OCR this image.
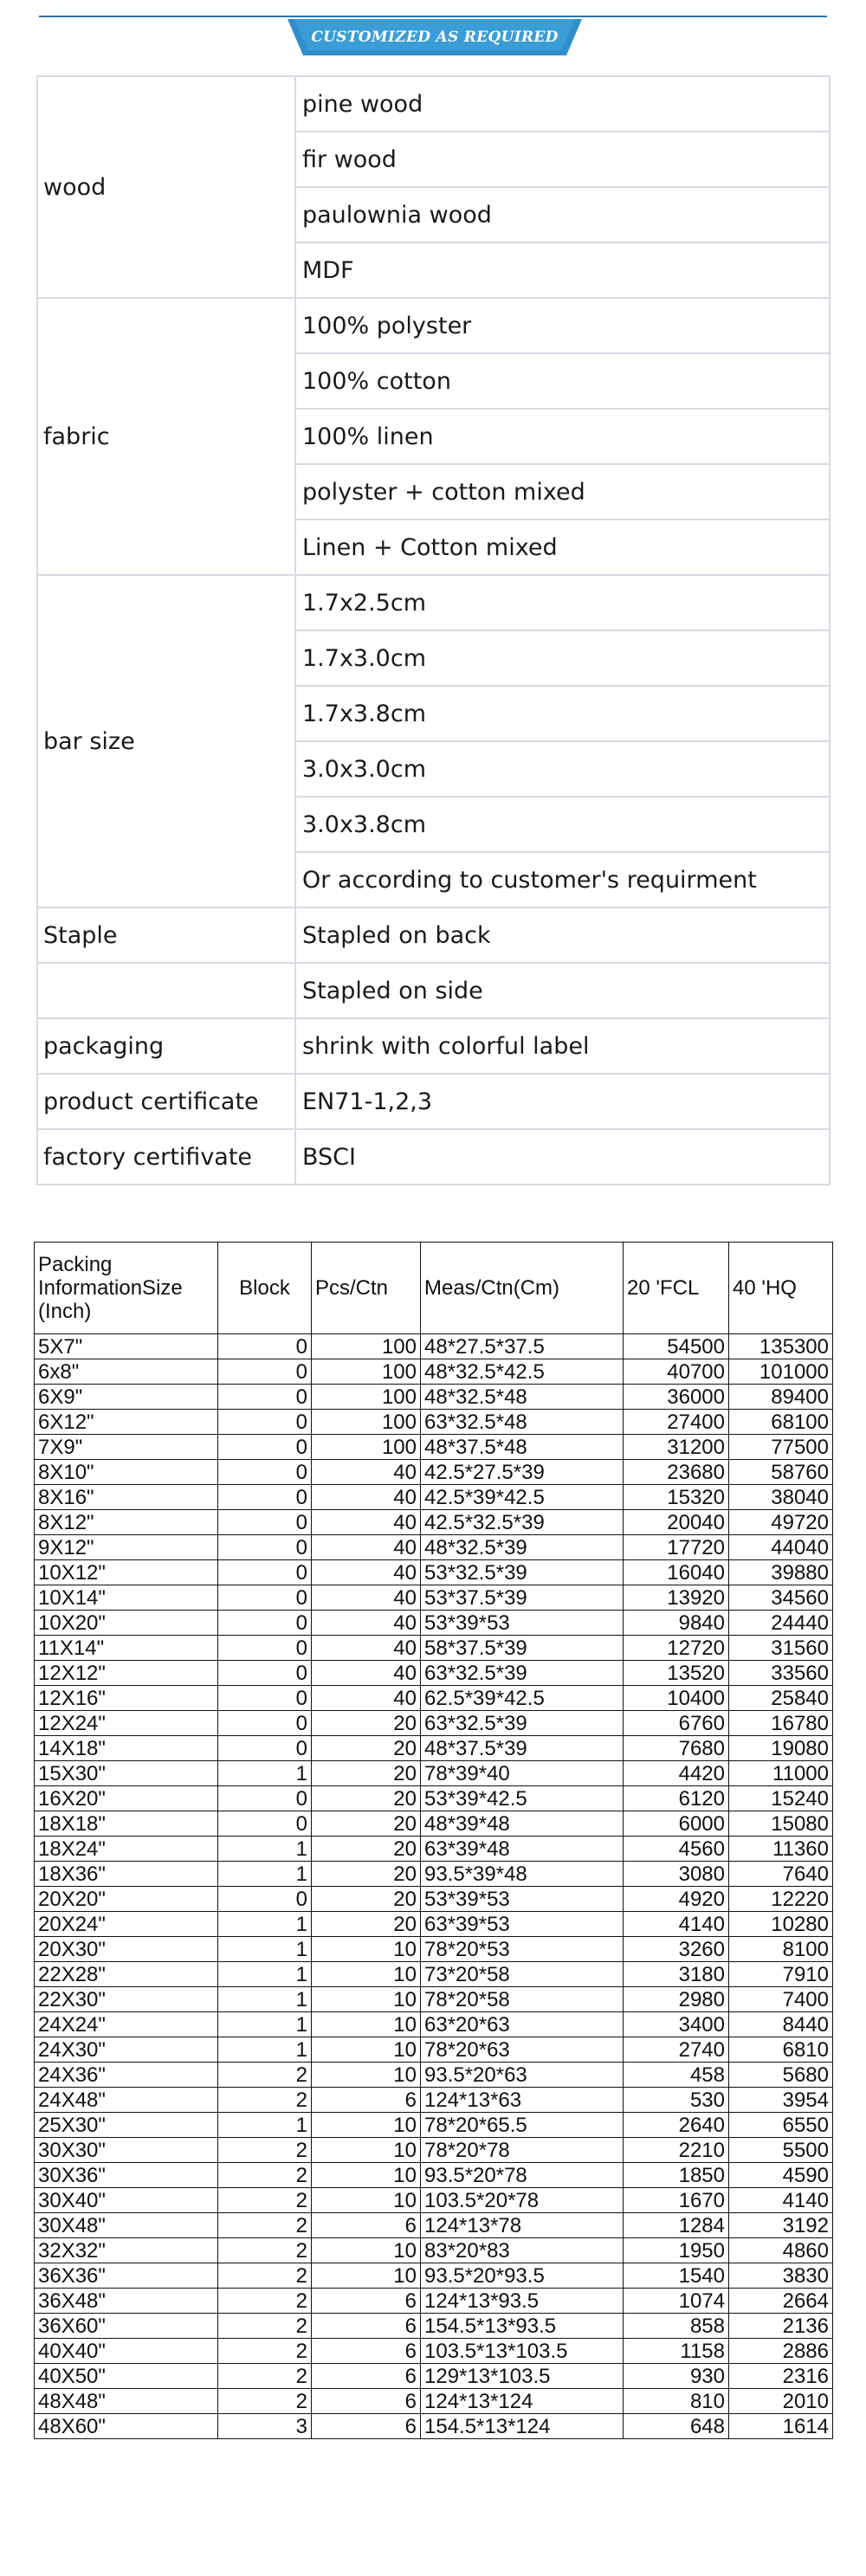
CUSTOMIZED AS REQUIRED
wood	pine wood
	fir wood
	paulownia wood
	MDF
fabric	100% polyster
	100% cotton
	100% linen
	polyster + cotton mixed
	Linen + Cotton mixed
bar size	1.7x2.5cm
	1.7x3.0cm
	1.7x3.8cm
	3.0x3.0cm
	3.0x3.8cm
	Or according to customer's requirment
Staple	Stapled on back
	Stapled on side
packaging	shrink with colorful label
product certificate	EN71-1,2,3
factory certifivate	BSCI
Packing InformationSize (Inch)	Block	Pcs/Ctn	Meas/Ctn(Cm)	20 'FCL	40 'HQ
5X7"	0	100	48*27.5*37.5	54500	135300
6x8"	0	100	48*32.5*42.5	40700	101000
6X9"	0	100	48*32.5*48	36000	89400
6X12"	0	100	63*32.5*48	27400	68100
7X9"	0	100	48*37.5*48	31200	77500
8X10"	0	40	42.5*27.5*39	23680	58760
8X16"	0	40	42.5*39*42.5	15320	38040
8X12"	0	40	42.5*32.5*39	20040	49720
9X12"	0	40	48*32.5*39	17720	44040
10X12"	0	40	53*32.5*39	16040	39880
10X14"	0	40	53*37.5*39	13920	34560
10X20"	0	40	53*39*53	9840	24440
11X14"	0	40	58*37.5*39	12720	31560
12X12"	0	40	63*32.5*39	13520	33560
12X16"	0	40	62.5*39*42.5	10400	25840
12X24"	0	20	63*32.5*39	6760	16780
14X18"	0	20	48*37.5*39	7680	19080
15X30"	1	20	78*39*40	4420	11000
16X20"	0	20	53*39*42.5	6120	15240
18X18"	0	20	48*39*48	6000	15080
18X24"	1	20	63*39*48	4560	11360
18X36"	1	20	93.5*39*48	3080	7640
20X20"	0	20	53*39*53	4920	12220
20X24"	1	20	63*39*53	4140	10280
20X30"	1	10	78*20*53	3260	8100
22X28"	1	10	73*20*58	3180	7910
22X30"	1	10	78*20*58	2980	7400
24X24"	1	10	63*20*63	3400	8440
24X30"	1	10	78*20*63	2740	6810
24X36"	2	10	93.5*20*63	458	5680
24X48"	2	6	124*13*63	530	3954
25X30"	1	10	78*20*65.5	2640	6550
30X30"	2	10	78*20*78	2210	5500
30X36"	2	10	93.5*20*78	1850	4590
30X40"	2	10	103.5*20*78	1670	4140
30X48"	2	6	124*13*78	1284	3192
32X32"	2	10	83*20*83	1950	4860
36X36"	2	10	93.5*20*93.5	1540	3830
36X48"	2	6	124*13*93.5	1074	2664
36X60"	2	6	154.5*13*93.5	858	2136
40X40"	2	6	103.5*13*103.5	1158	2886
40X50"	2	6	129*13*103.5	930	2316
48X48"	2	6	124*13*124	810	2010
48X60"	3	6	154.5*13*124	648	1614
